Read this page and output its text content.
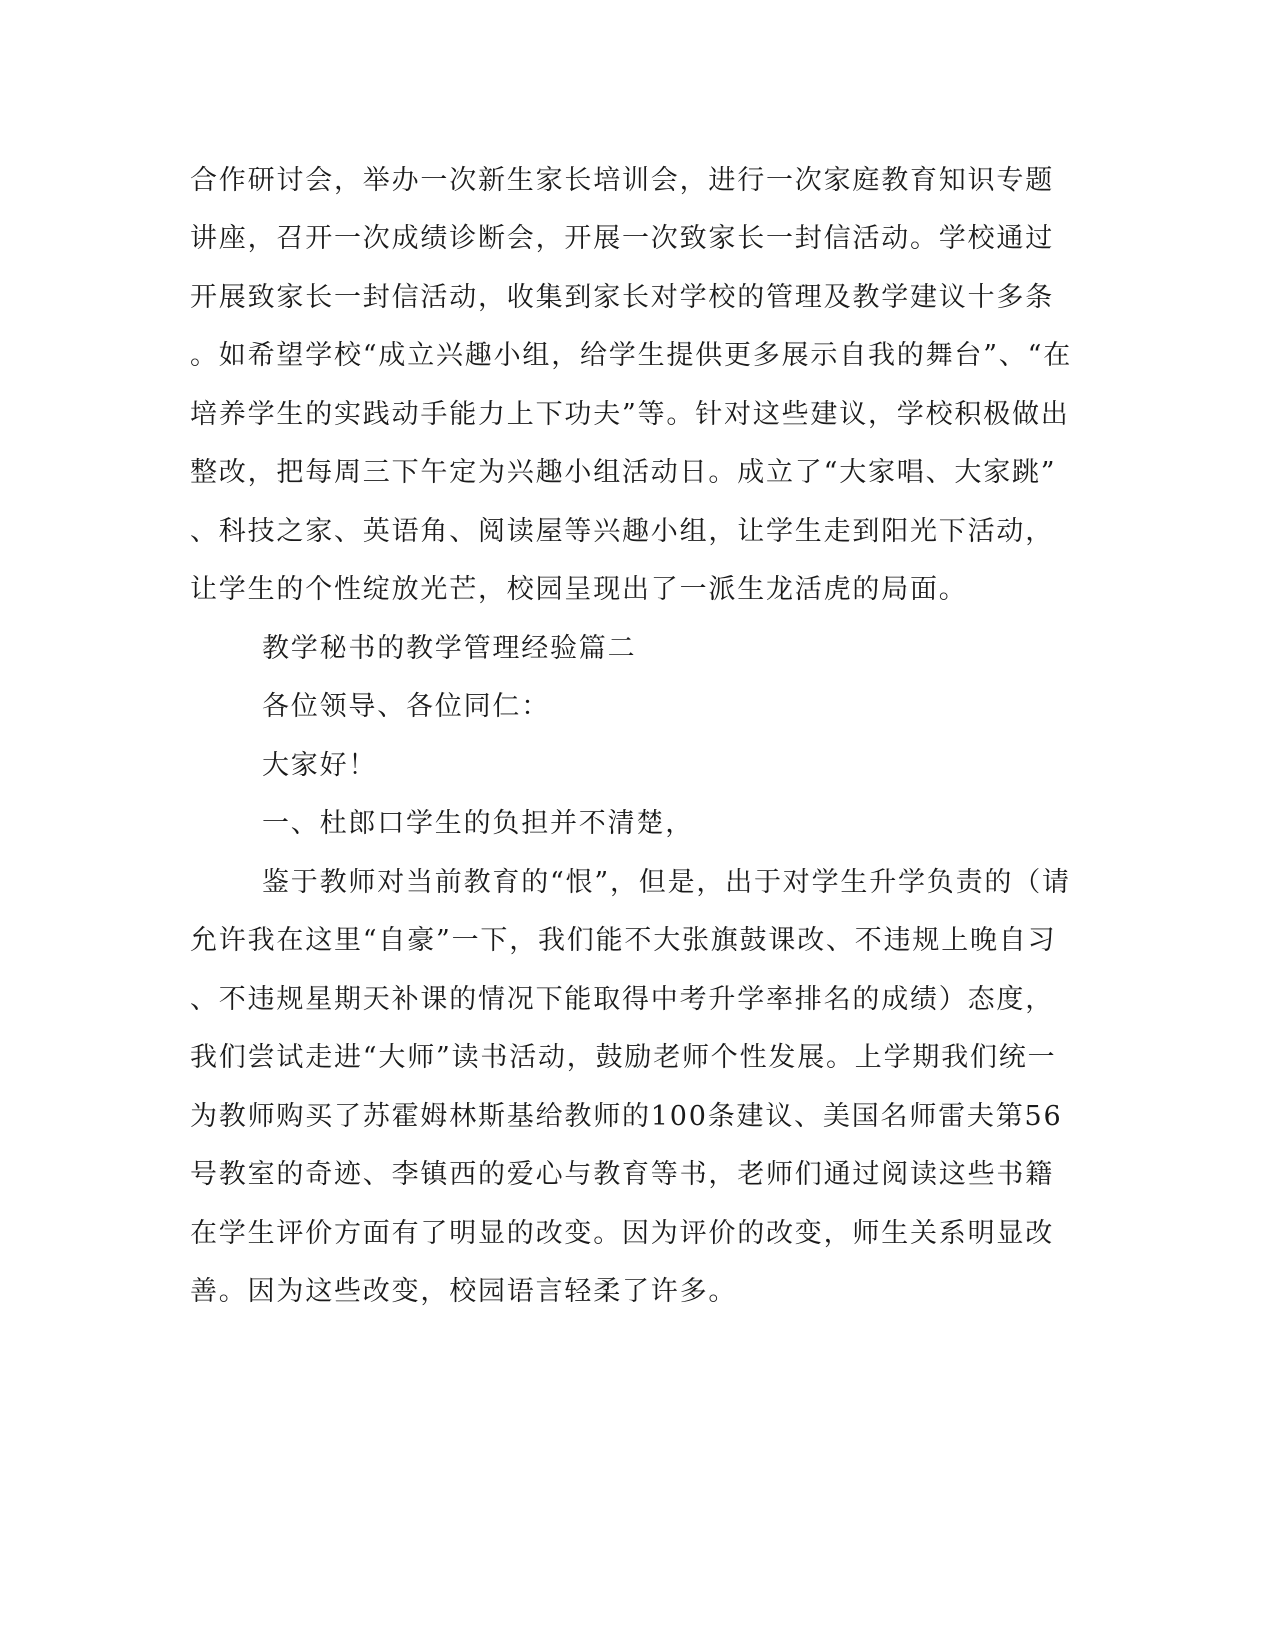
合作研讨会，举办一次新生家长培训会，进行一次家庭教育知识专题
讲座，召开一次成绩诊断会，开展一次致家长一封信活动。学校通过
开展致家长一封信活动，收集到家长对学校的管理及教学建议十多条
。如希望学校“成立兴趣小组，给学生提供更多展示自我的舞台”、“在
培养学生的实践动手能力上下功夫”等。针对这些建议，学校积极做出
整改，把每周三下午定为兴趣小组活动日。成立了“大家唱、大家跳”
、科技之家、英语角、阅读屋等兴趣小组，让学生走到阳光下活动，
让学生的个性绽放光芒，校园呈现出了一派生龙活虎的局面。
教学秘书的教学管理经验篇二
各位领导、各位同仁：
大家好！
一、杜郎口学生的负担并不清楚，
鉴于教师对当前教育的“恨”，但是，出于对学生升学负责的（请
允许我在这里“自豪”一下，我们能不大张旗鼓课改、不违规上晚自习
、不违规星期天补课的情况下能取得中考升学率排名的成绩）态度，
我们尝试走进“大师”读书活动，鼓励老师个性发展。上学期我们统一
为教师购买了苏霍姆林斯基给教师的100条建议、美国名师雷夫第56
号教室的奇迹、李镇西的爱心与教育等书，老师们通过阅读这些书籍
在学生评价方面有了明显的改变。因为评价的改变，师生关系明显改
善。因为这些改变，校园语言轻柔了许多。
